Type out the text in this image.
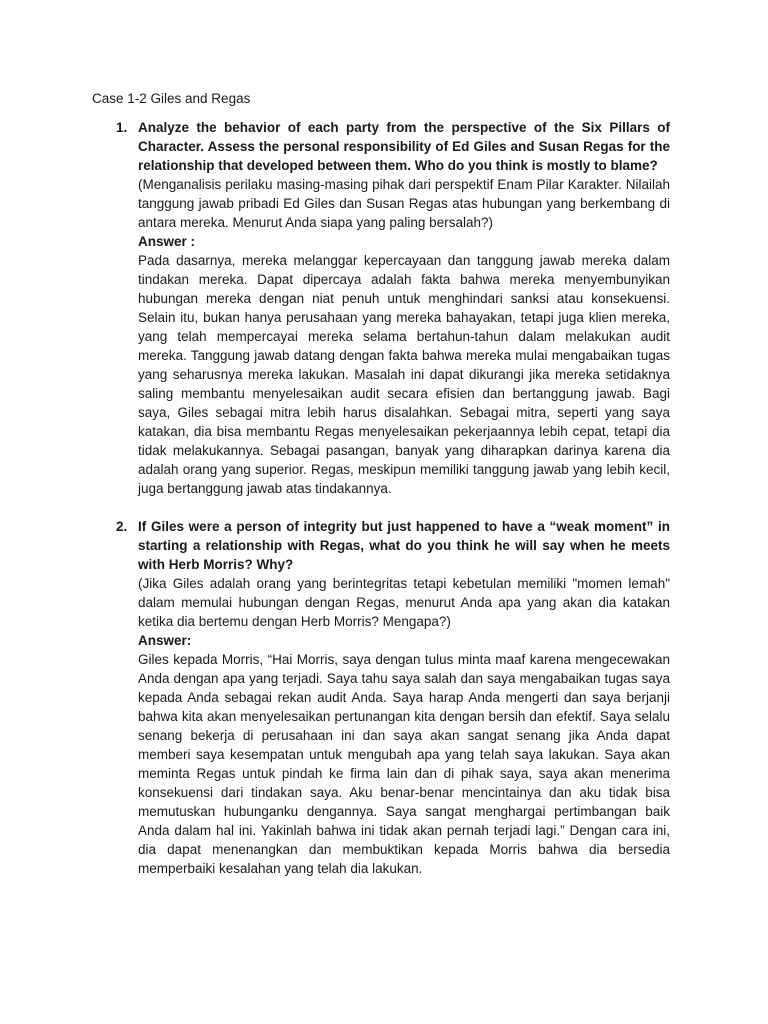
Case 1-2 Giles and Regas
1. Analyze the behavior of each party from the perspective of the Six Pillars of Character. Assess the personal responsibility of Ed Giles and Susan Regas for the relationship that developed between them. Who do you think is mostly to blame?
(Menganalisis perilaku masing-masing pihak dari perspektif Enam Pilar Karakter. Nilailah tanggung jawab pribadi Ed Giles dan Susan Regas atas hubungan yang berkembang di antara mereka. Menurut Anda siapa yang paling bersalah?)
Answer :
Pada dasarnya, mereka melanggar kepercayaan dan tanggung jawab mereka dalam tindakan mereka. Dapat dipercaya adalah fakta bahwa mereka menyembunyikan hubungan mereka dengan niat penuh untuk menghindari sanksi atau konsekuensi. Selain itu, bukan hanya perusahaan yang mereka bahayakan, tetapi juga klien mereka, yang telah mempercayai mereka selama bertahun-tahun dalam melakukan audit mereka. Tanggung jawab datang dengan fakta bahwa mereka mulai mengabaikan tugas yang seharusnya mereka lakukan. Masalah ini dapat dikurangi jika mereka setidaknya saling membantu menyelesaikan audit secara efisien dan bertanggung jawab. Bagi saya, Giles sebagai mitra lebih harus disalahkan. Sebagai mitra, seperti yang saya katakan, dia bisa membantu Regas menyelesaikan pekerjaannya lebih cepat, tetapi dia tidak melakukannya. Sebagai pasangan, banyak yang diharapkan darinya karena dia adalah orang yang superior. Regas, meskipun memiliki tanggung jawab yang lebih kecil, juga bertanggung jawab atas tindakannya.
2. If Giles were a person of integrity but just happened to have a “weak moment” in starting a relationship with Regas, what do you think he will say when he meets with Herb Morris? Why?
(Jika Giles adalah orang yang berintegritas tetapi kebetulan memiliki "momen lemah" dalam memulai hubungan dengan Regas, menurut Anda apa yang akan dia katakan ketika dia bertemu dengan Herb Morris? Mengapa?)
Answer:
Giles kepada Morris, “Hai Morris, saya dengan tulus minta maaf karena mengecewakan Anda dengan apa yang terjadi. Saya tahu saya salah dan saya mengabaikan tugas saya kepada Anda sebagai rekan audit Anda. Saya harap Anda mengerti dan saya berjanji bahwa kita akan menyelesaikan pertunangan kita dengan bersih dan efektif. Saya selalu senang bekerja di perusahaan ini dan saya akan sangat senang jika Anda dapat memberi saya kesempatan untuk mengubah apa yang telah saya lakukan. Saya akan meminta Regas untuk pindah ke firma lain dan di pihak saya, saya akan menerima konsekuensi dari tindakan saya. Aku benar-benar mencintainya dan aku tidak bisa memutuskan hubunganku dengannya. Saya sangat menghargai pertimbangan baik Anda dalam hal ini. Yakinlah bahwa ini tidak akan pernah terjadi lagi.” Dengan cara ini, dia dapat menenangkan dan membuktikan kepada Morris bahwa dia bersedia memperbaiki kesalahan yang telah dia lakukan.
